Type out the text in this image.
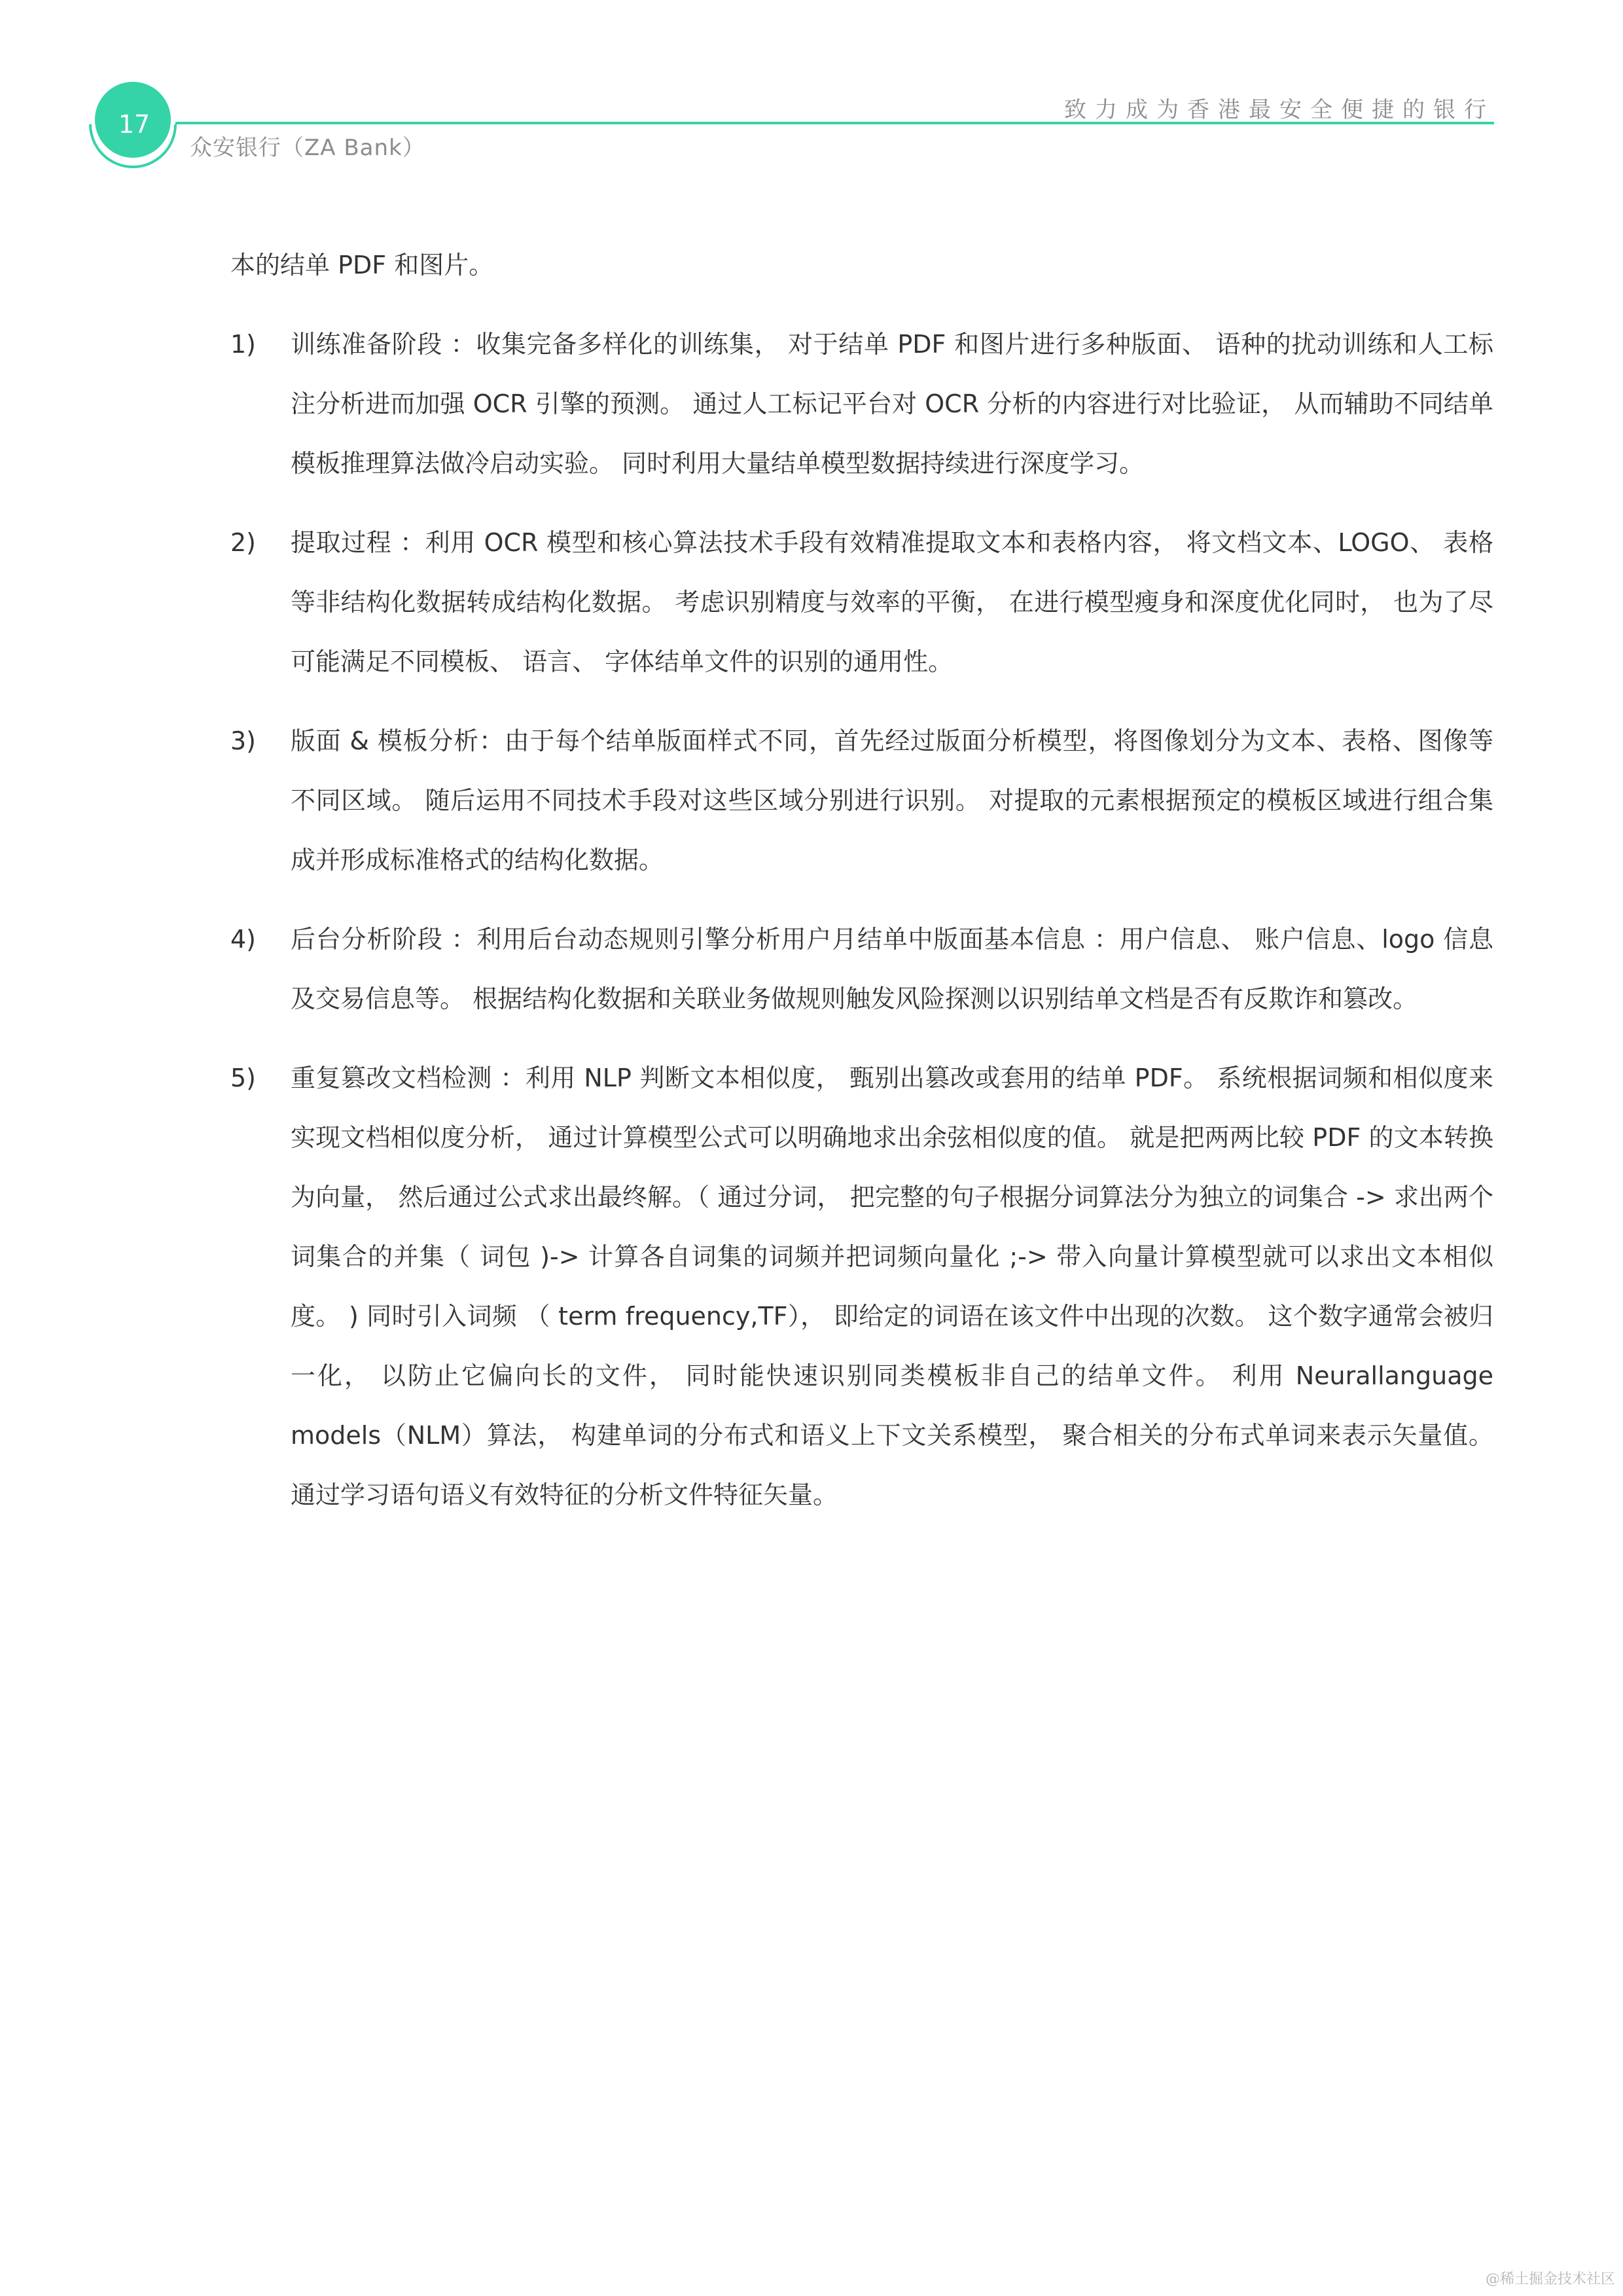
17
众安银行（ZA Bank）
致力成为香港最安全便捷的银行

本的结单 PDF 和图片。

1) 训练准备阶段 ：收集完备多样化的训练集， 对于结单 PDF 和图片进行多种版面、 语种的扰动训练和人工标注分析进而加强 OCR 引擎的预测。 通过人工标记平台对 OCR 分析的内容进行对比验证， 从而辅助不同结单模板推理算法做冷启动实验。 同时利用大量结单模型数据持续进行深度学习。
2) 提取过程 ：利用 OCR 模型和核心算法技术手段有效精准提取文本和表格内容， 将文档文本、LOGO、 表格等非结构化数据转成结构化数据。 考虑识别精度与效率的平衡， 在进行模型瘦身和深度优化同时， 也为了尽可能满足不同模板、 语言、 字体结单文件的识别的通用性。
3) 版面 & 模板分析：由于每个结单版面样式不同，首先经过版面分析模型，将图像划分为文本、表格、图像等不同区域。 随后运用不同技术手段对这些区域分别进行识别。 对提取的元素根据预定的模板区域进行组合集成并形成标准格式的结构化数据。
4) 后台分析阶段 ：利用后台动态规则引擎分析用户月结单中版面基本信息 ：用户信息、 账户信息、logo 信息及交易信息等。 根据结构化数据和关联业务做规则触发风险探测以识别结单文档是否有反欺诈和篡改。
5) 重复篡改文档检测 ：利用 NLP 判断文本相似度， 甄别出篡改或套用的结单 PDF。 系统根据词频和相似度来实现文档相似度分析， 通过计算模型公式可以明确地求出余弦相似度的值。 就是把两两比较 PDF 的文本转换为向量， 然后通过公式求出最终解。（ 通过分词， 把完整的句子根据分词算法分为独立的词集合 -> 求出两个词集合的并集（ 词包 )-> 计算各自词集的词频并把词频向量化 ;-> 带入向量计算模型就可以求出文本相似度。 ) 同时引入词频 （ term frequency,TF）， 即给定的词语在该文件中出现的次数。 这个数字通常会被归一化， 以防止它偏向长的文件， 同时能快速识别同类模板非自己的结单文件。 利用 Neurallanguage models（NLM）算法， 构建单词的分布式和语义上下文关系模型， 聚合相关的分布式单词来表示矢量值。 通过学习语句语义有效特征的分析文件特征矢量。
@稀土掘金技术社区
